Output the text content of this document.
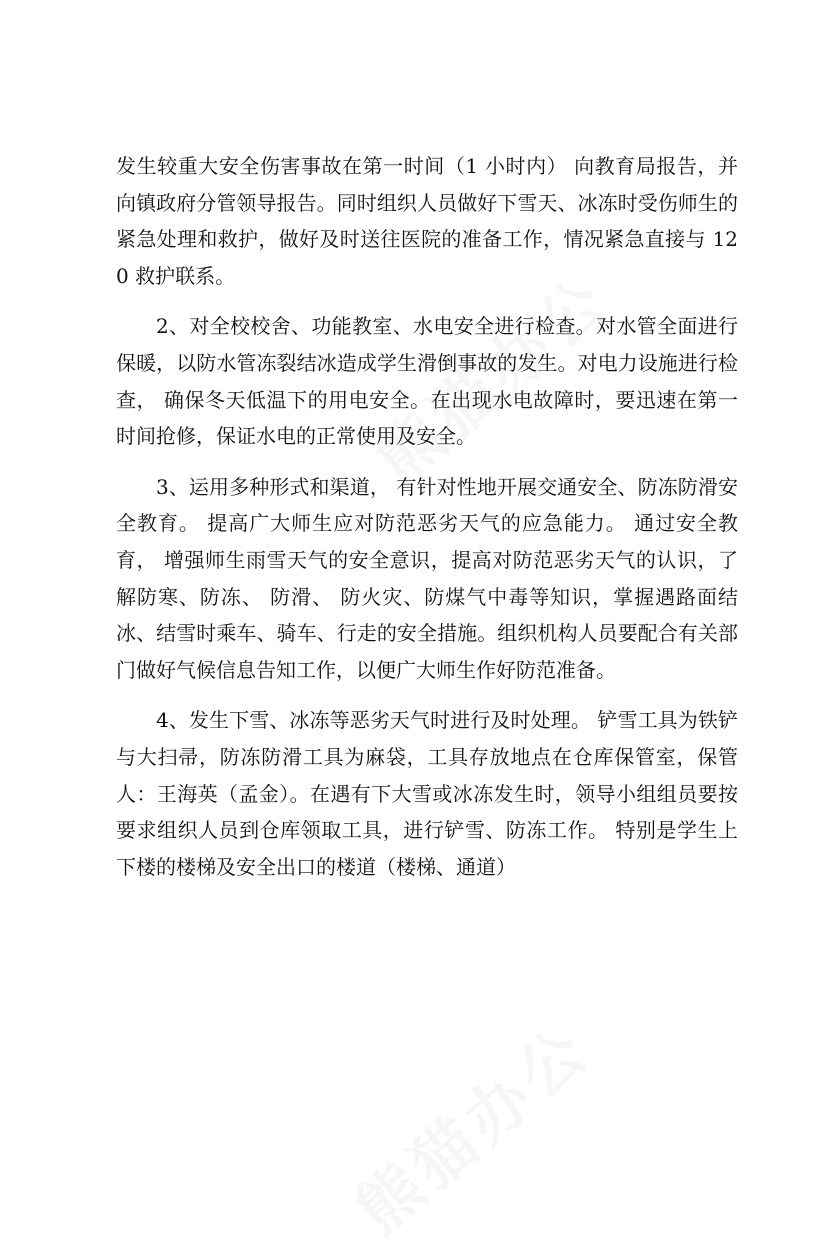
发生较重大安全伤害事故在第一时间（1 小时内） 向教育局报告，并向镇政府分管领导报告。同时组织人员做好下雪天、冰冻时受伤师生的紧急处理和救护，做好及时送往医院的准备工作，情况紧急直接与 120 救护联系。

2、对全校校舍、功能教室、水电安全进行检查。对水管全面进行保暖，以防水管冻裂结冰造成学生滑倒事故的发生。对电力设施进行检查， 确保冬天低温下的用电安全。在出现水电故障时，要迅速在第一时间抢修，保证水电的正常使用及安全。

3、运用多种形式和渠道， 有针对性地开展交通安全、防冻防滑安全教育。 提高广大师生应对防范恶劣天气的应急能力。 通过安全教育， 增强师生雨雪天气的安全意识，提高对防范恶劣天气的认识，了解防寒、防冻、 防滑、 防火灾、防煤气中毒等知识，掌握遇路面结冰、结雪时乘车、骑车、行走的安全措施。组织机构人员要配合有关部门做好气候信息告知工作，以便广大师生作好防范准备。

4、发生下雪、冰冻等恶劣天气时进行及时处理。 铲雪工具为铁铲与大扫帚，防冻防滑工具为麻袋，工具存放地点在仓库保管室，保管人：王海英（孟金）。在遇有下大雪或冰冻发生时，领导小组组员要按要求组织人员到仓库领取工具，进行铲雪、防冻工作。 特别是学生上下楼的楼梯及安全出口的楼道（楼梯、通道）
